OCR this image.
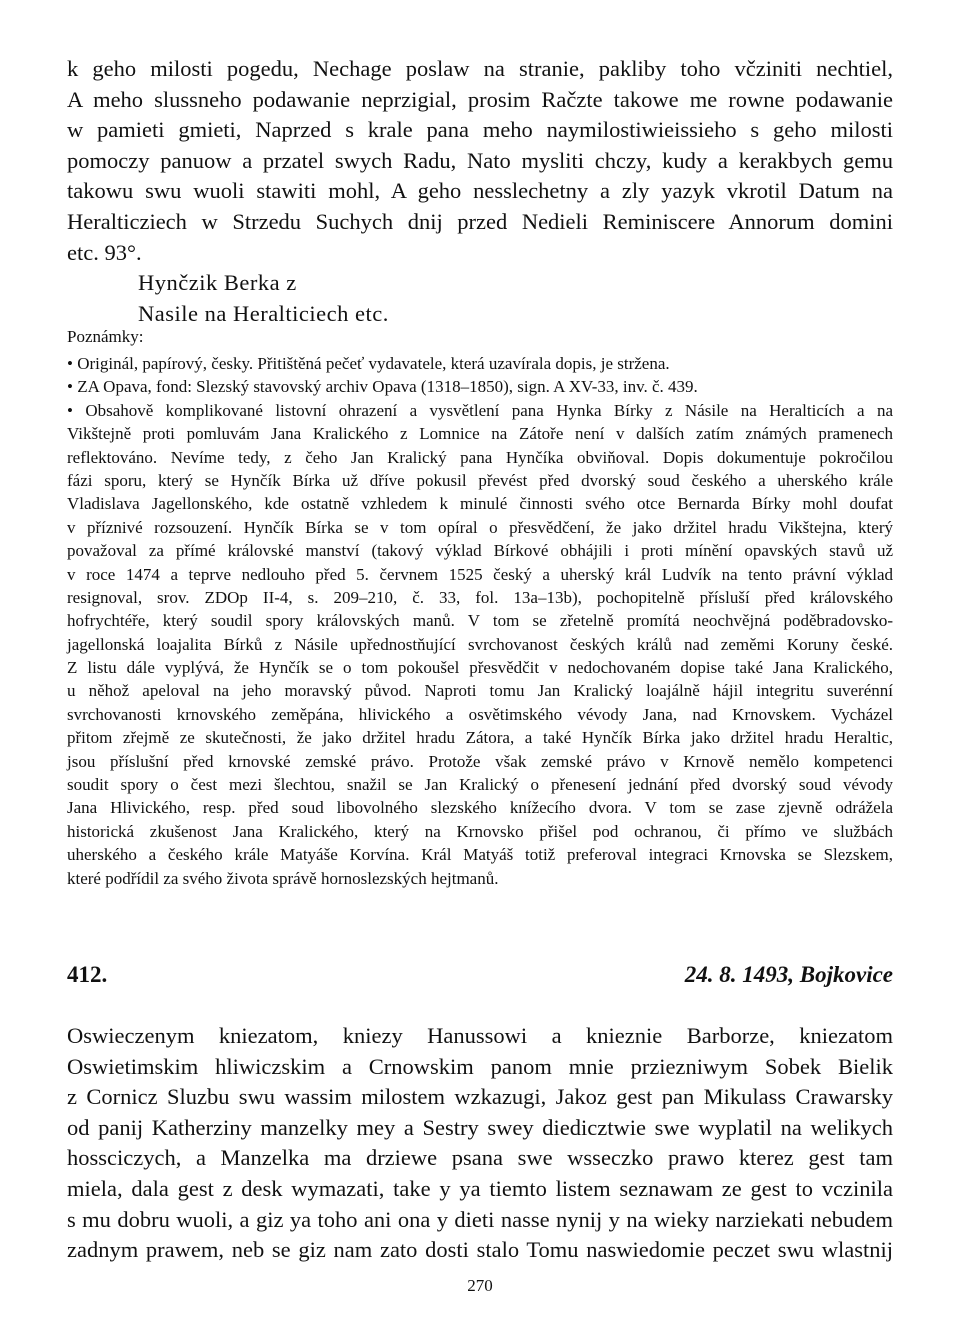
k geho milosti pogedu, Nechage poslaw na stranie, pakliby toho včziniti nechtiel,
A meho slussneho podawanie neprzigial, prosim Račzte takowe me rowne podawanie
w pamieti gmieti, Naprzed s krale pana meho naymilostiwieissieho s geho milosti
pomoczy panuow a przatel swych Radu, Nato mysliti chczy, kudy a kerakbych gemu
takowu swu wuoli stawiti mohl, A geho nesslechetny a zly yazyk vkrotil Datum na
Heralticziech w Strzedu Suchych dnij przed Nedieli Reminiscere Annorum domini
etc. 93°.
Hynčzik Berka z
Nasile na Heralticiech etc.
Poznámky:
• Originál, papírový, česky. Přitištěná pečeť vydavatele, která uzavírala dopis, je stržena.
• ZA Opava, fond: Slezský stavovský archiv Opava (1318–1850), sign. A XV-33, inv. č. 439.
• Obsahově komplikované listovní ohrazení a vysvětlení pana Hynka Bírky z Násile na Heralticích a na
Vikštejně proti pomluvám Jana Kralického z Lomnice na Zátoře není v dalších zatím známých pramenech
reflektováno. Nevíme tedy, z čeho Jan Kralický pana Hynčíka obviňoval. Dopis dokumentuje pokročilou
fázi sporu, který se Hynčík Bírka už dříve pokusil převést před dvorský soud českého a uherského krále
Vladislava Jagellonského, kde ostatně vzhledem k minulé činnosti svého otce Bernarda Bírky mohl doufat
v příznivé rozsouzení. Hynčík Bírka se v tom opíral o přesvědčení, že jako držitel hradu Vikštejna, který
považoval za přímé královské manství (takový výklad Bírkové obhájili i proti mínění opavských stavů už
v roce 1474 a teprve nedlouho před 5. červnem 1525 český a uherský král Ludvík na tento právní výklad
resignoval, srov. ZDOp II-4, s. 209–210, č. 33, fol. 13a–13b), pochopitelně přísluší před královského
hofrychtéře, který soudil spory královských manů. V tom se zřetelně promítá neochvějná poděbradovsko-
jagellonská loajalita Bírků z Násile upřednostňující svrchovanost českých králů nad zeměmi Koruny české.
Z listu dále vyplývá, že Hynčík se o tom pokoušel přesvědčit v nedochovaném dopise také Jana Kralického,
u něhož apeloval na jeho moravský původ. Naproti tomu Jan Kralický loajálně hájil integritu suverénní
svrchovanosti krnovského zeměpána, hlivického a osvětimského vévody Jana, nad Krnovskem. Vycházel
přitom zřejmě ze skutečnosti, že jako držitel hradu Zátora, a také Hynčík Bírka jako držitel hradu Heraltic,
jsou příslušní před krnovské zemské právo. Protože však zemské právo v Krnově nemělo kompetenci
soudit spory o čest mezi šlechtou, snažil se Jan Kralický o přenesení jednání před dvorský soud vévody
Jana Hlivického, resp. před soud libovolného slezského knížecího dvora. V tom se zase zjevně odrážela
historická zkušenost Jana Kralického, který na Krnovsko přišel pod ochranou, či přímo ve službách
uherského a českého krále Matyáše Korvína. Král Matyáš totiž preferoval integraci Krnovska se Slezskem,
které podřídil za svého života správě hornoslezských hejtmanů.
412.	24. 8. 1493, Bojkovice
Oswieczenym kniezatom, kniezy Hanussowi a knieznie Barborze, kniezatom
Oswietimskim hliwiczskim a Crnowskim panom mnie prziezniwym Sobek Bielik
z Cornicz Sluzbu swu wassim milostem wzkazugi, Jakoz gest pan Mikulass Crawarsky
od panij Katherziny manzelky mey a Sestry swey diedicztwie swe wyplatil na welikych
hossciczych, a Manzelka ma drziewe psana swe wsseczko prawo kterez gest tam
miela, dala gest z desk wymazati, take y ya tiemto listem seznawam ze gest to vczinila
s mu dobru wuoli, a giz ya toho ani ona y dieti nasse nynij y na wieky narziekati nebudem
zadnym prawem, neb se giz nam zato dosti stalo Tomu naswiedomie peczet swu wlastnij
270
